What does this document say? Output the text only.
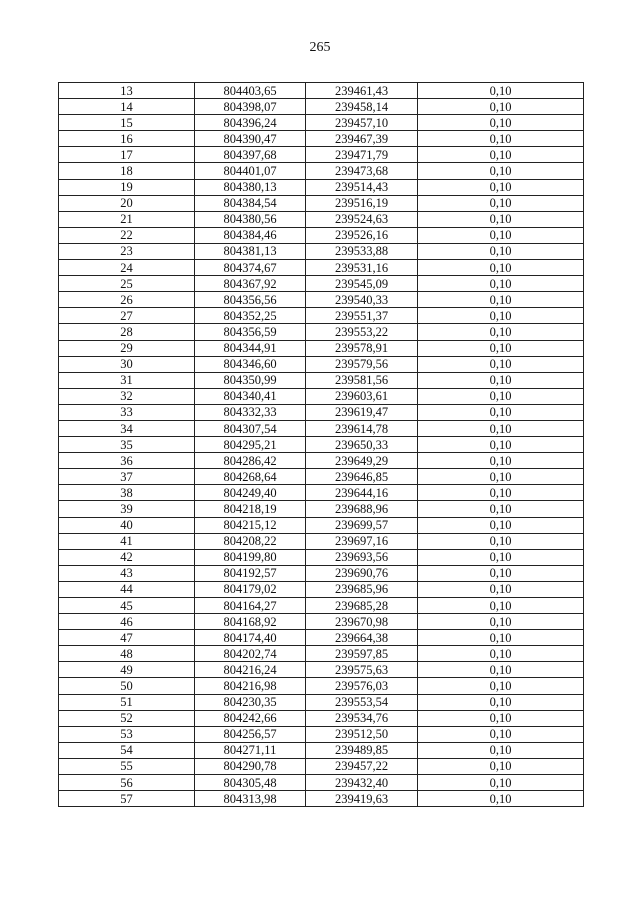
265
13	804403,65	239461,43	0,10
14	804398,07	239458,14	0,10
15	804396,24	239457,10	0,10
16	804390,47	239467,39	0,10
17	804397,68	239471,79	0,10
18	804401,07	239473,68	0,10
19	804380,13	239514,43	0,10
20	804384,54	239516,19	0,10
21	804380,56	239524,63	0,10
22	804384,46	239526,16	0,10
23	804381,13	239533,88	0,10
24	804374,67	239531,16	0,10
25	804367,92	239545,09	0,10
26	804356,56	239540,33	0,10
27	804352,25	239551,37	0,10
28	804356,59	239553,22	0,10
29	804344,91	239578,91	0,10
30	804346,60	239579,56	0,10
31	804350,99	239581,56	0,10
32	804340,41	239603,61	0,10
33	804332,33	239619,47	0,10
34	804307,54	239614,78	0,10
35	804295,21	239650,33	0,10
36	804286,42	239649,29	0,10
37	804268,64	239646,85	0,10
38	804249,40	239644,16	0,10
39	804218,19	239688,96	0,10
40	804215,12	239699,57	0,10
41	804208,22	239697,16	0,10
42	804199,80	239693,56	0,10
43	804192,57	239690,76	0,10
44	804179,02	239685,96	0,10
45	804164,27	239685,28	0,10
46	804168,92	239670,98	0,10
47	804174,40	239664,38	0,10
48	804202,74	239597,85	0,10
49	804216,24	239575,63	0,10
50	804216,98	239576,03	0,10
51	804230,35	239553,54	0,10
52	804242,66	239534,76	0,10
53	804256,57	239512,50	0,10
54	804271,11	239489,85	0,10
55	804290,78	239457,22	0,10
56	804305,48	239432,40	0,10
57	804313,98	239419,63	0,10
